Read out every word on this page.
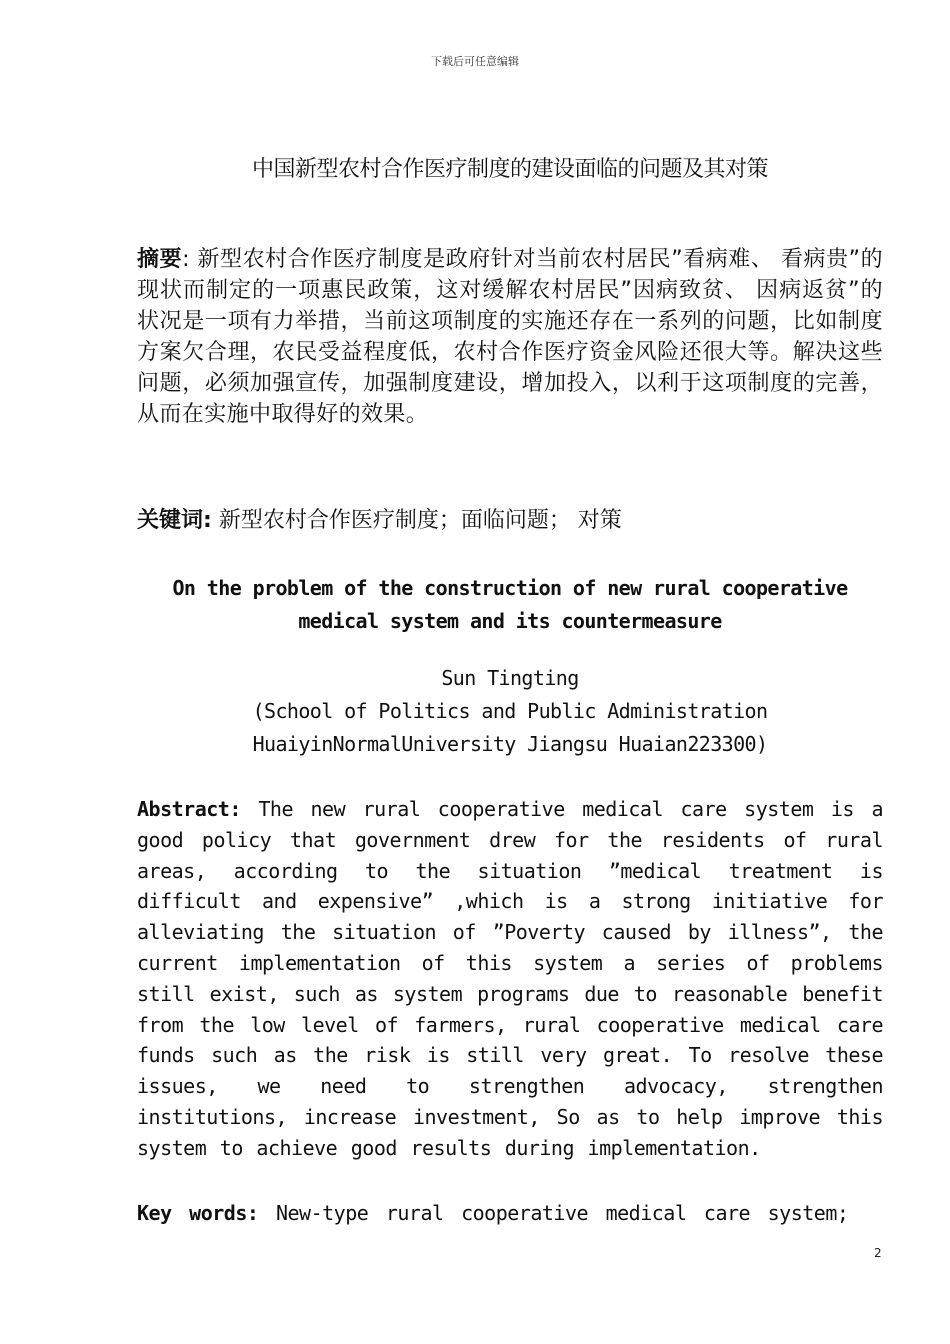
下载后可任意编辑
中国新型农村合作医疗制度的建设面临的问题及其对策
摘要: 新型农村合作医疗制度是政府针对当前农村居民”看病难、 看病贵”的现状而制定的一项惠民政策，这对缓解农村居民”因病致贫、 因病返贫”的状况是一项有力举措，当前这项制度的实施还存在一系列的问题，比如制度方案欠合理，农民受益程度低，农村合作医疗资金风险还很大等。解决这些问题，必须加强宣传，加强制度建设，增加投入，以利于这项制度的完善，从而在实施中取得好的效果。
关键词: 新型农村合作医疗制度；面临问题； 对策
On the problem of the construction of new rural cooperative
medical system and its countermeasure
Sun Tingting
(School of Politics and Public Administration
HuaiyinNormalUniversity Jiangsu Huaian223300)
Abstract: The new rural cooperative medical care system is a good policy that government drew for the residents of rural areas, according to the situation ”medical treatment is difficult and expensive” ,which is a strong initiative for alleviating the situation of ”Poverty caused by illness”, the current implementation of this system a series of problems still exist, such as system programs due to reasonable benefit from the low level of farmers, rural cooperative medical care funds such as the risk is still very great. To resolve these issues, we need to strengthen advocacy, strengthen institutions, increase investment, So as to help improve this system to achieve good results during implementation.
Key words: New-type rural cooperative medical care system;
2
